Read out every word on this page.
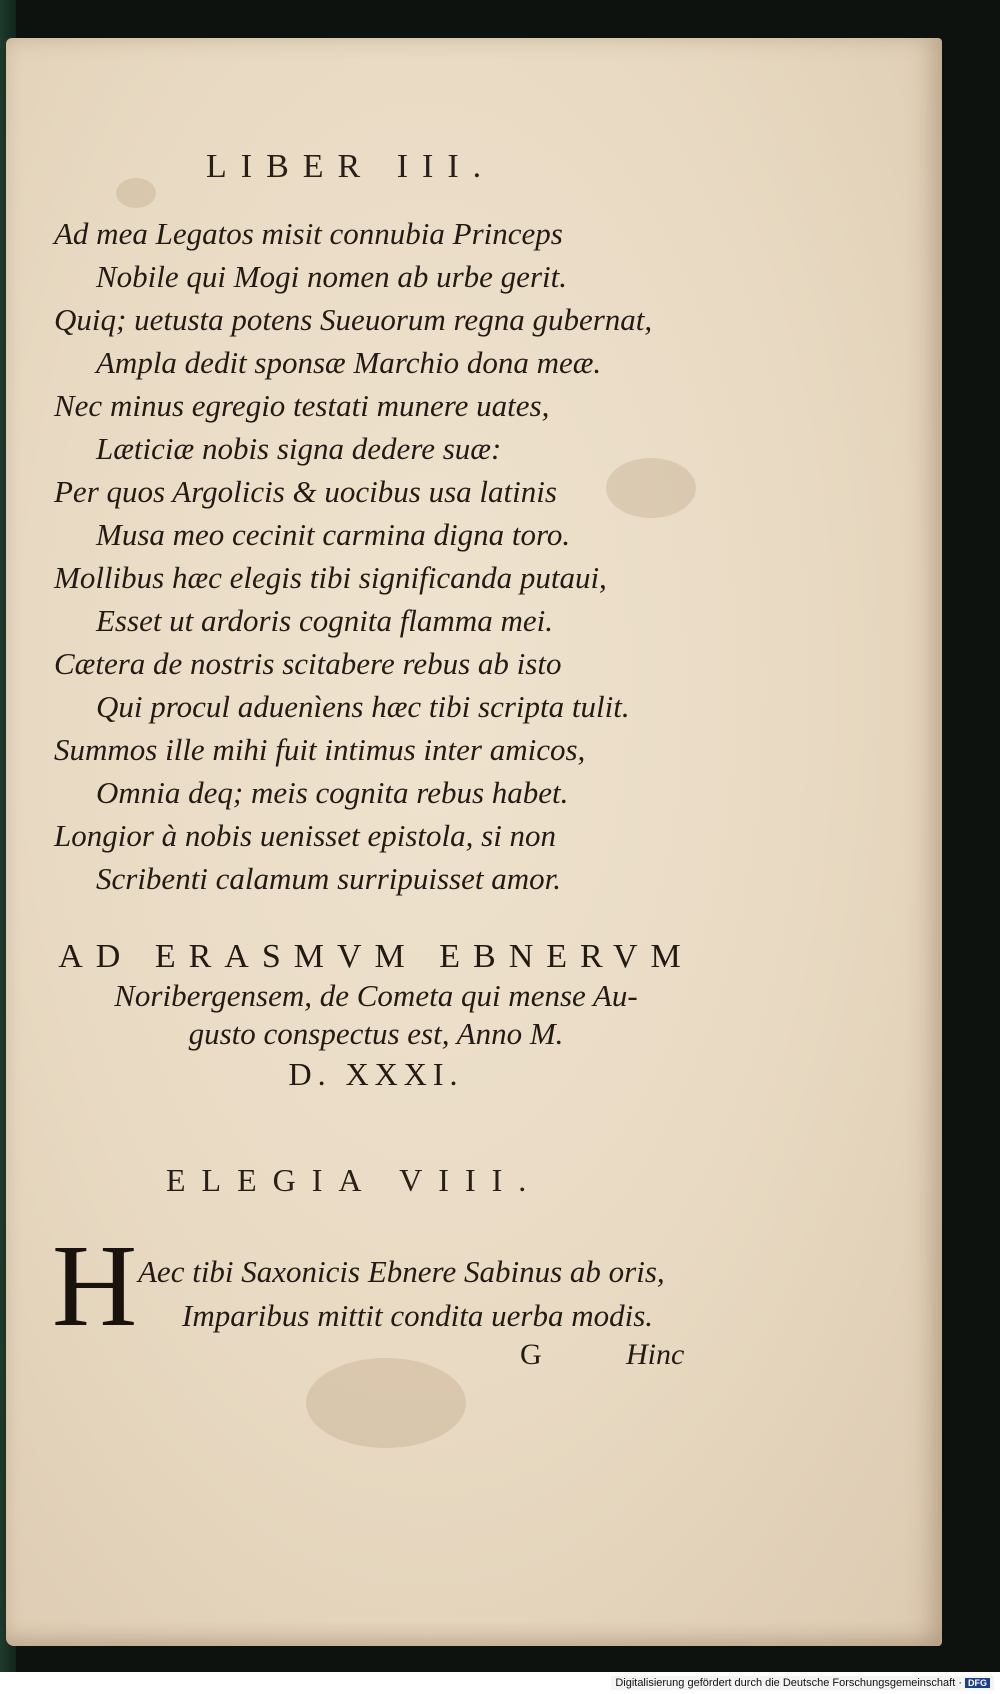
LIBER III.
Ad mea Legatos misit connubia Princeps
Nobile qui Mogi nomen ab urbe gerit.
Quiq; uetusta potens Sueuorum regna gubernat,
Ampla dedit sponsæ Marchio dona meæ.
Nec minus egregio testati munere uates,
Læticiæ nobis signa dedere suæ:
Per quos Argolicis & uocibus usa latinis
Musa meo cecinit carmina digna toro.
Mollibus hæc elegis tibi significanda putaui,
Esset ut ardoris cognita flamma mei.
Cætera de nostris scitabere rebus ab isto
Qui procul aduenìens hæc tibi scripta tulit.
Summos ille mihi fuit intimus inter amicos,
Omnia deq; meis cognita rebus habet.
Longior à nobis uenisset epistola, si non
Scribenti calamum surripuisset amor.
AD ERASMVM EBNERVM
Noribergensem, de Cometa qui mense Au-
gusto conspectus est, Anno M.
D. XXXI.
ELEGIA VIII.
H Aec tibi Saxonicis Ebnere Sabinus ab oris,
Imparibus mittit condita uerba modis.
G	Hinc
Digitalisierung gefördert durch die Deutsche Forschungsgemeinschaft · DFG
